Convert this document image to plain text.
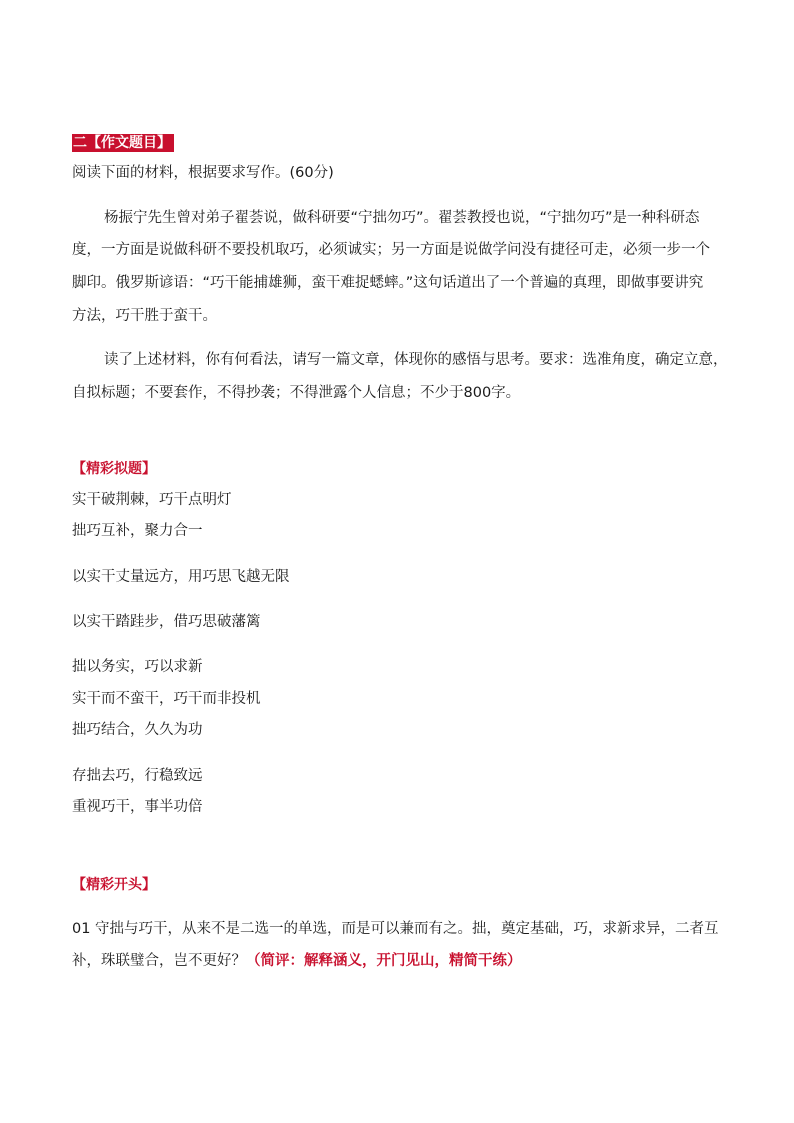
二【作文题目】
阅读下面的材料，根据要求写作。(60分)
杨振宁先生曾对弟子翟荟说，做科研要“宁拙勿巧”。翟荟教授也说，“宁拙勿巧”是一种科研态
度，一方面是说做科研不要投机取巧，必须诚实；另一方面是说做学问没有捷径可走，必须一步一个
脚印。俄罗斯谚语：“巧干能捕雄狮，蛮干难捉蟋蟀。”这句话道出了一个普遍的真理，即做事要讲究
方法，巧干胜于蛮干。
读了上述材料，你有何看法，请写一篇文章，体现你的感悟与思考。要求：选准角度，确定立意，
自拟标题；不要套作，不得抄袭；不得泄露个人信息；不少于800字。
【精彩拟题】
实干破荆棘，巧干点明灯
拙巧互补，聚力合一
以实干丈量远方，用巧思飞越无限
以实干踏跬步，借巧思破藩篱
拙以务实，巧以求新
实干而不蛮干，巧干而非投机
拙巧结合，久久为功
存拙去巧，行稳致远
重视巧干，事半功倍
【精彩开头】
01 守拙与巧干，从来不是二选一的单选，而是可以兼而有之。拙，奠定基础，巧，求新求异，二者互
补，珠联璧合，岂不更好？（简评：解释涵义，开门见山，精简干练）
